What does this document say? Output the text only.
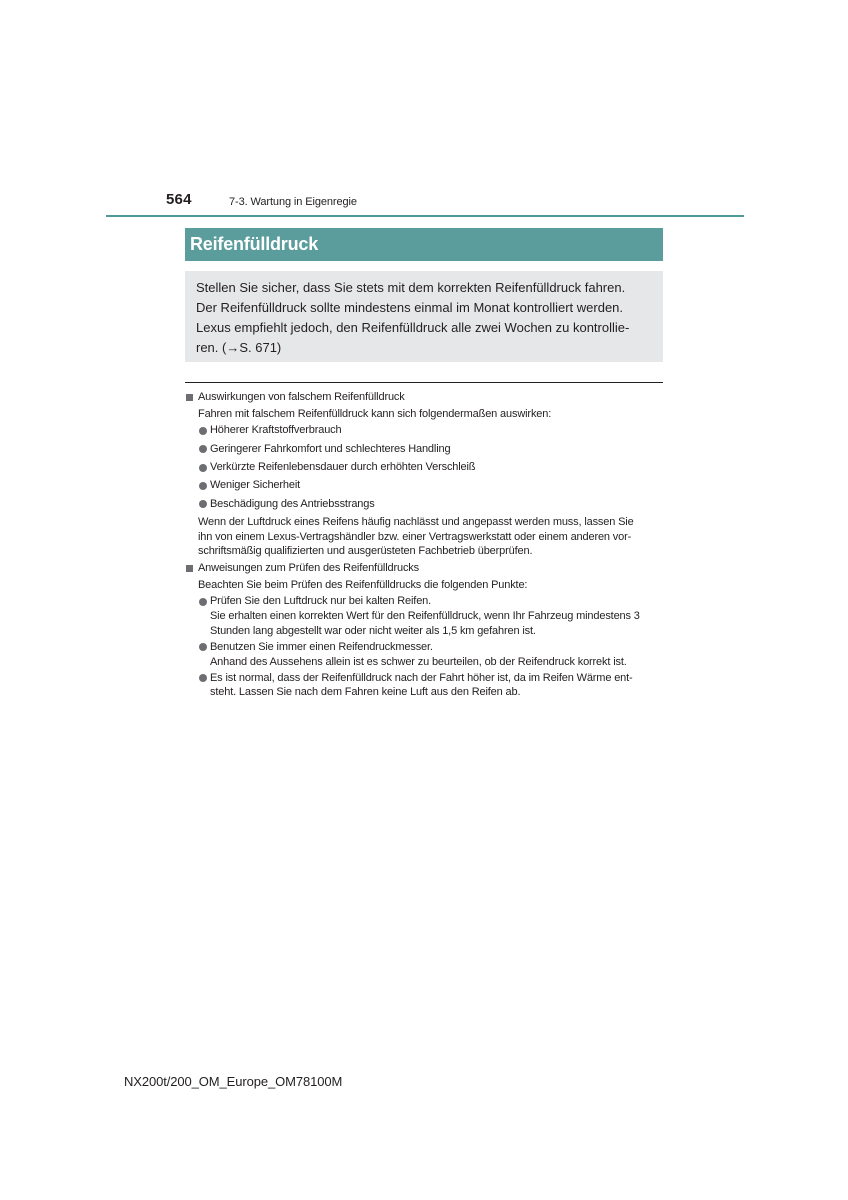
564	7-3. Wartung in Eigenregie
Reifenfülldruck

Stellen Sie sicher, dass Sie stets mit dem korrekten Reifenfülldruck fahren.

Der Reifenfülldruck sollte mindestens einmal im Monat kontrolliert werden.

Lexus empfiehlt jedoch, den Reifenfülldruck alle zwei Wochen zu kontrollie-

ren. (→S. 671)

Auswirkungen von falschem Reifenfülldruck
Fahren mit falschem Reifenfülldruck kann sich folgendermaßen auswirken:
Höherer Kraftstoffverbrauch
Geringerer Fahrkomfort und schlechteres Handling
Verkürzte Reifenlebensdauer durch erhöhten Verschleiß
Weniger Sicherheit
Beschädigung des Antriebsstrangs
Wenn der Luftdruck eines Reifens häufig nachlässt und angepasst werden muss, lassen Sie
ihn von einem Lexus-Vertragshändler bzw. einer Vertragswerkstatt oder einem anderen vor-
schriftsmäßig qualifizierten und ausgerüsteten Fachbetrieb überprüfen.
Anweisungen zum Prüfen des Reifenfülldrucks
Beachten Sie beim Prüfen des Reifenfülldrucks die folgenden Punkte:
Prüfen Sie den Luftdruck nur bei kalten Reifen.
Sie erhalten einen korrekten Wert für den Reifenfülldruck, wenn Ihr Fahrzeug mindestens 3
Stunden lang abgestellt war oder nicht weiter als 1,5 km gefahren ist.
Benutzen Sie immer einen Reifendruckmesser.
Anhand des Aussehens allein ist es schwer zu beurteilen, ob der Reifendruck korrekt ist.
Es ist normal, dass der Reifenfülldruck nach der Fahrt höher ist, da im Reifen Wärme ent-
steht. Lassen Sie nach dem Fahren keine Luft aus den Reifen ab.
NX200t/200_OM_Europe_OM78100M
